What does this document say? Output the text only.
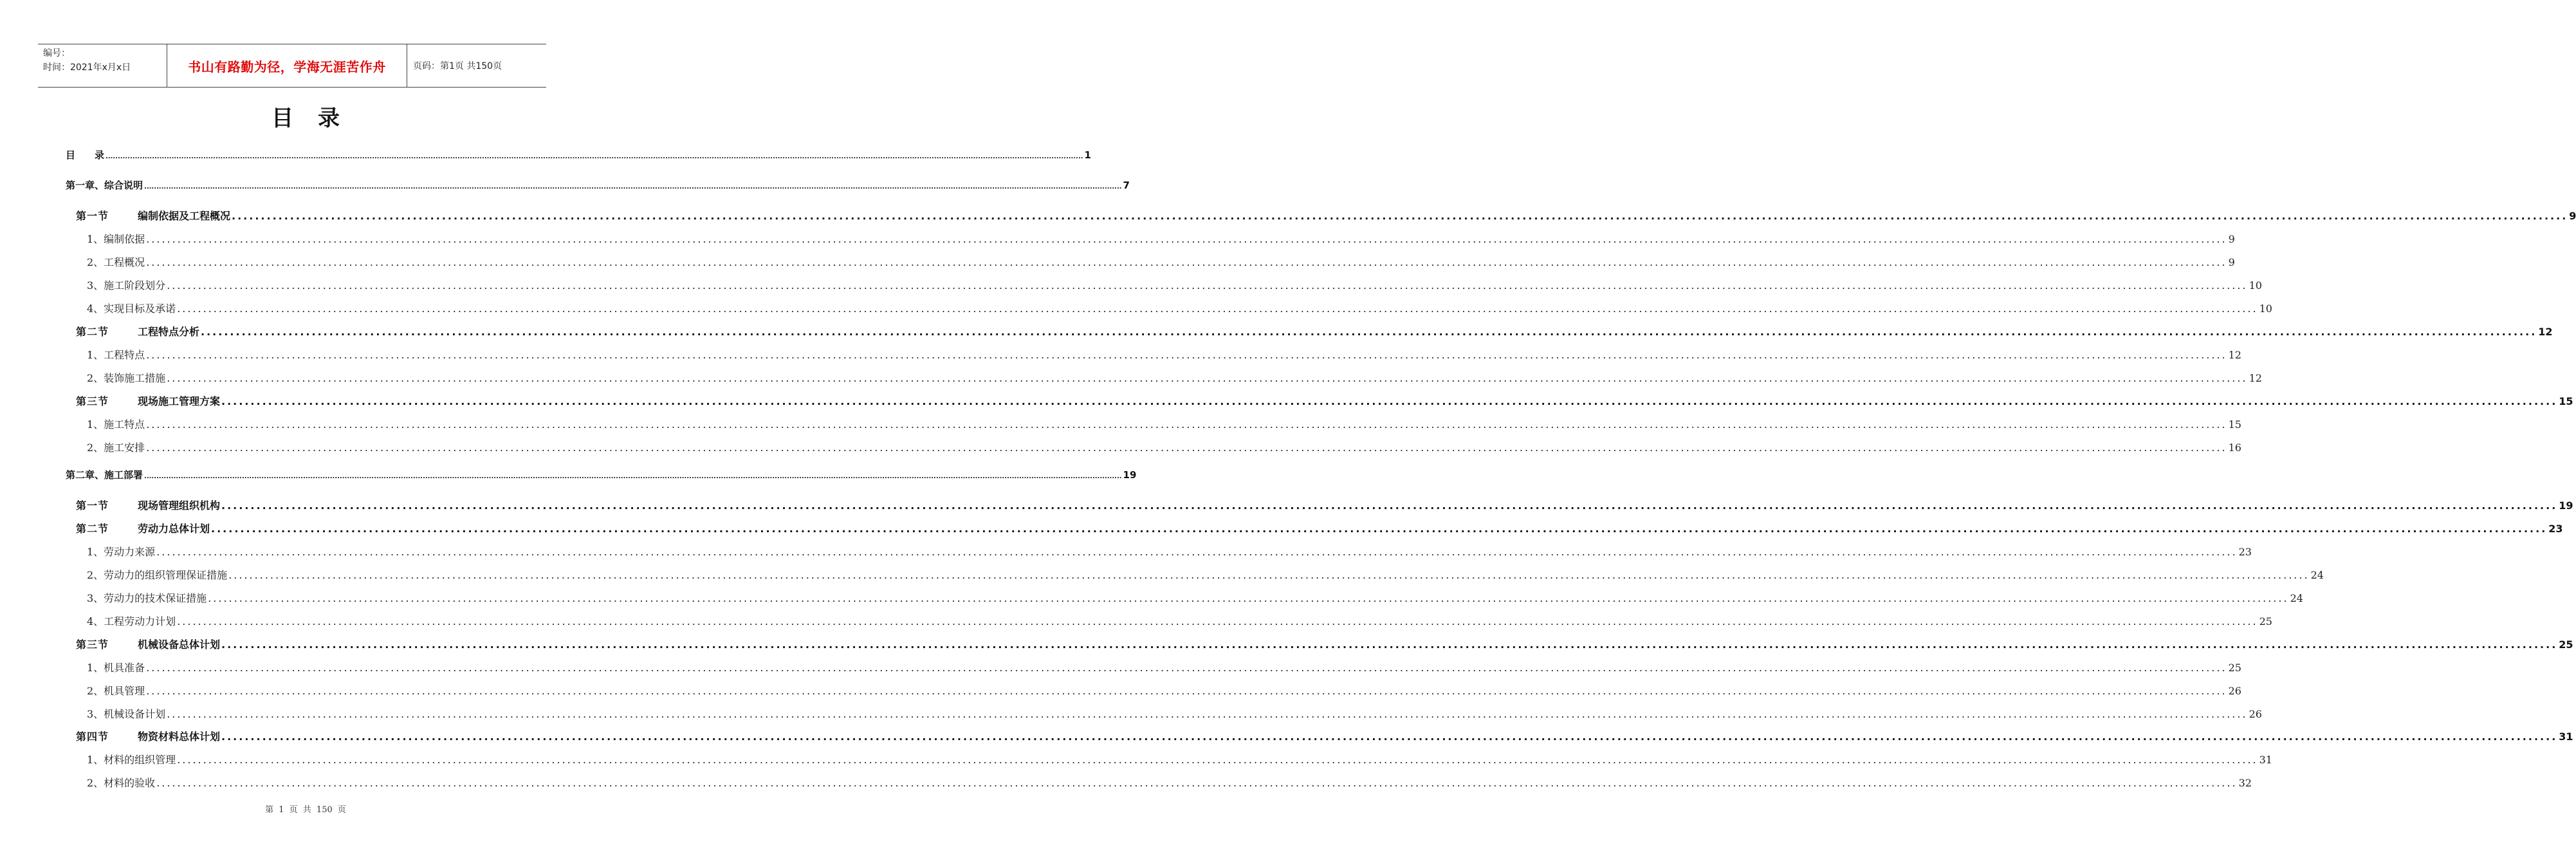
编号：
时间：2021年x月x日	书山有路勤为径，学海无涯苦作舟	页码：第1页 共150页
目录
目　　录 ................................................................................................................................................................................................................................................................................................................................................................................................................ 1
第一章、综合说明 ................................................................................................................................................................................................................................................................................................................................................................................................................ 7
第一节	编制依据及工程概况 ................................................................................................................................................................................................................................................................................................................................................................................................................ 9
1、编制依据 ................................................................................................................................................................................................................................................................................................................................................................................................................ 9
2、工程概况 ................................................................................................................................................................................................................................................................................................................................................................................................................ 9
3、施工阶段划分 ................................................................................................................................................................................................................................................................................................................................................................................................................ 10
4、实现目标及承诺 ................................................................................................................................................................................................................................................................................................................................................................................................................ 10
第二节	工程特点分析 ................................................................................................................................................................................................................................................................................................................................................................................................................ 12
1、工程特点 ................................................................................................................................................................................................................................................................................................................................................................................................................ 12
2、装饰施工措施 ................................................................................................................................................................................................................................................................................................................................................................................................................ 12
第三节	现场施工管理方案 ................................................................................................................................................................................................................................................................................................................................................................................................................ 15
1、施工特点 ................................................................................................................................................................................................................................................................................................................................................................................................................ 15
2、施工安排 ................................................................................................................................................................................................................................................................................................................................................................................................................ 16
第二章、施工部署 ................................................................................................................................................................................................................................................................................................................................................................................................................ 19
第一节	现场管理组织机构 ................................................................................................................................................................................................................................................................................................................................................................................................................ 19
第二节	劳动力总体计划 ................................................................................................................................................................................................................................................................................................................................................................................................................ 23
1、劳动力来源 ................................................................................................................................................................................................................................................................................................................................................................................................................ 23
2、劳动力的组织管理保证措施 ................................................................................................................................................................................................................................................................................................................................................................................................................ 24
3、劳动力的技术保证措施 ................................................................................................................................................................................................................................................................................................................................................................................................................ 24
4、工程劳动力计划 ................................................................................................................................................................................................................................................................................................................................................................................................................ 25
第三节	机械设备总体计划 ................................................................................................................................................................................................................................................................................................................................................................................................................ 25
1、机具准备 ................................................................................................................................................................................................................................................................................................................................................................................................................ 25
2、机具管理 ................................................................................................................................................................................................................................................................................................................................................................................................................ 26
3、机械设备计划 ................................................................................................................................................................................................................................................................................................................................................................................................................ 26
第四节	物资材料总体计划 ................................................................................................................................................................................................................................................................................................................................................................................................................ 31
1、材料的组织管理 ................................................................................................................................................................................................................................................................................................................................................................................................................ 31
2、材料的验收 ................................................................................................................................................................................................................................................................................................................................................................................................................ 32
第 1 页 共 150 页
